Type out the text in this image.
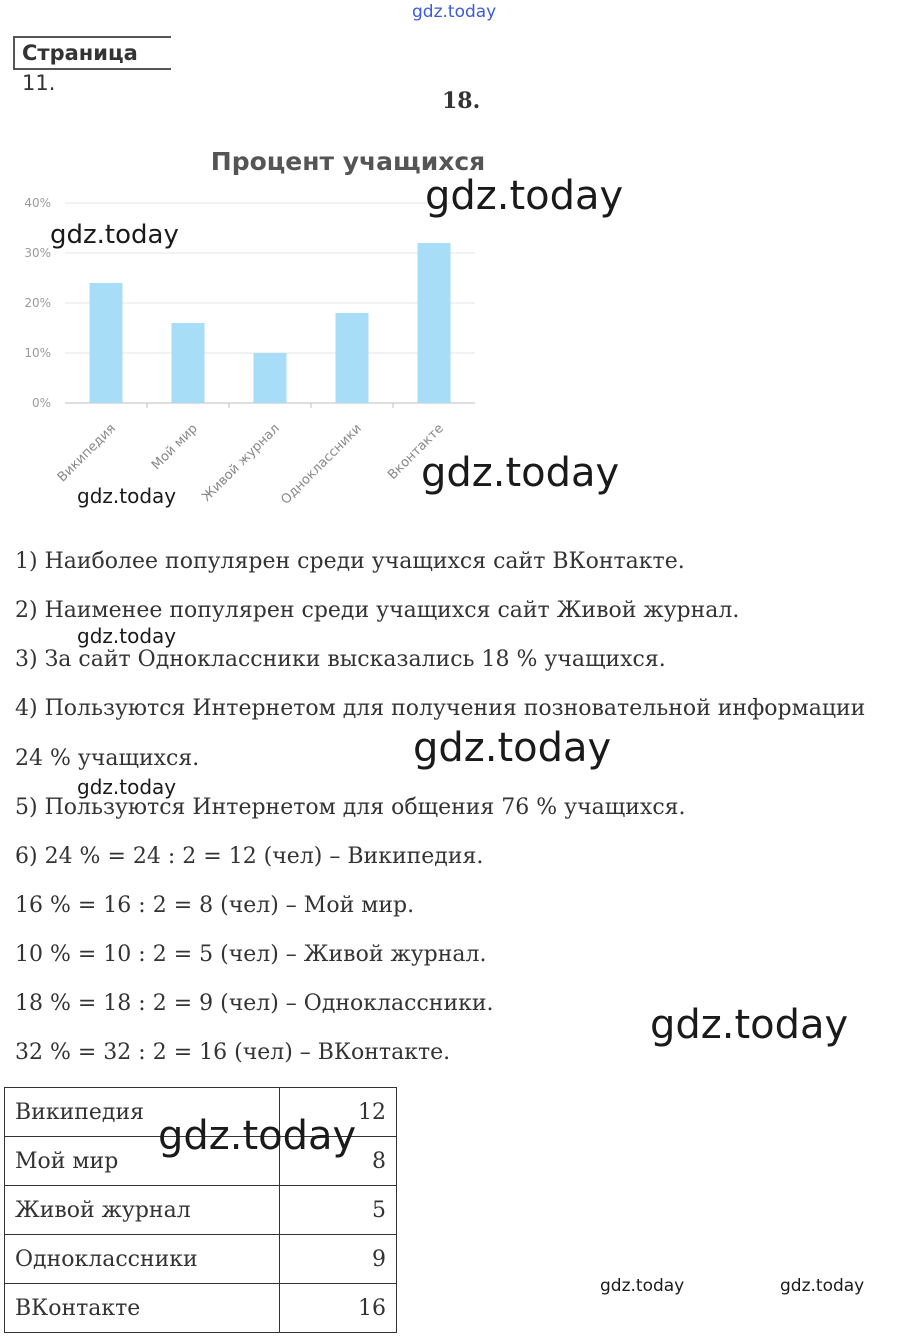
gdz.today
Страница 11.
18.
Процент учащихся
0%
10%
20%
30%
40%
Википедия Мой мир
Живой журнал
Одноклассники Вконтакте
gdz.today
gdz.today
gdz.today
gdz.today
1) Наиболее популярен среди учащихся сайт ВКонтакте.
2) Наименее популярен среди учащихся сайт Живой журнал.
3) За сайт Одноклассники высказались 18 % учащихся.
4) Пользуются Интернетом для получения позновательной информации
24 % учащихся.
5) Пользуются Интернетом для общения 76 % учащихся.
6) 24 % = 24 : 2 = 12 (чел) – Википедия.
16 % = 16 : 2 = 8 (чел) – Мой мир.
10 % = 10 : 2 = 5 (чел) – Живой журнал.
18 % = 18 : 2 = 9 (чел) – Одноклассники.
32 % = 32 : 2 = 16 (чел) – ВКонтакте.
gdz.today
gdz.today
gdz.today
gdz.today
Википедия	12
Мой мир	8
Живой журнал	5
Одноклассники	9
ВКонтакте	16
gdz.today
gdz.today	gdz.today
